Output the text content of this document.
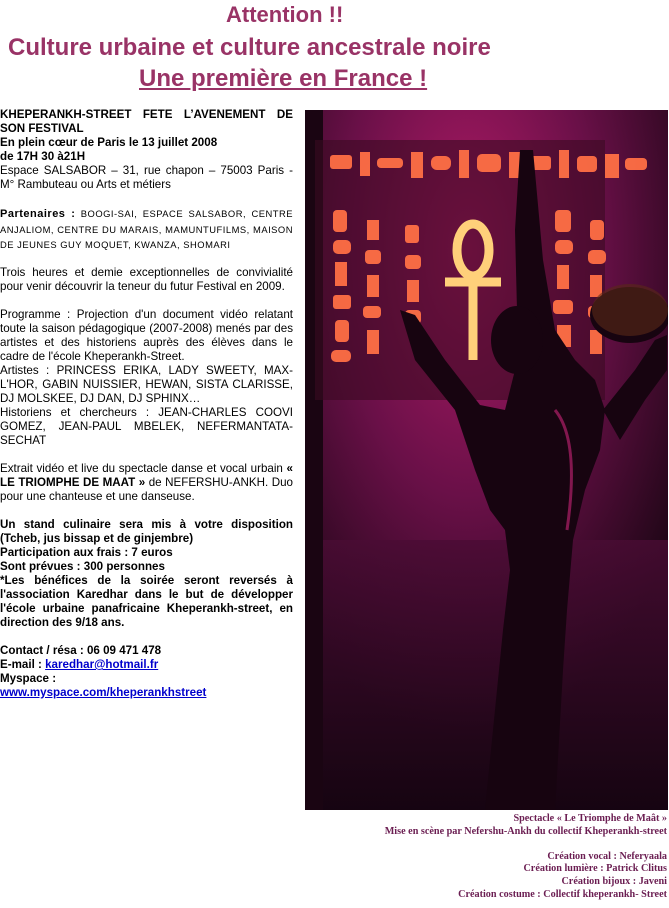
Attention !!
Culture urbaine et culture ancestrale noire
Une première en France !

KHEPERANKH-STREET FETE L’AVENEMENT DE SON FESTIVAL

En plein cœur de Paris le 13 juillet 2008

de 17H 30 à21H

Espace SALSABOR – 31, rue chapon – 75003 Paris - M° Rambuteau ou Arts et métiers

Partenaires : BOOGI-SAI, ESPACE SALSABOR, CENTRE ANJALIOM, CENTRE DU MARAIS, MAMUNTUFILMS, MAISON DE JEUNES GUY MOQUET, KWANZA, SHOMARI

Trois heures et demie exceptionnelles de convivialité pour venir découvrir la teneur du futur Festival en 2009.

Programme : Projection d'un document vidéo relatant toute la saison pédagogique (2007-2008) menés par des artistes et des historiens auprès des élèves dans le cadre de l'école Kheperankh-Street.

Artistes : PRINCESS ERIKA, LADY SWEETY, MAX-L'HOR, GABIN NUISSIER, HEWAN, SISTA CLARISSE, DJ MOLSKEE, DJ DAN, DJ SPHINX…

Historiens et chercheurs : JEAN-CHARLES COOVI GOMEZ, JEAN-PAUL MBELEK, NEFERMANTATA-SECHAT

Extrait vidéo et live du spectacle danse et vocal urbain « LE TRIOMPHE DE MAAT » de NEFERSHU-ANKH. Duo pour une chanteuse et une danseuse.

Un stand culinaire sera mis à votre disposition (Tcheb, jus bissap et de ginjembre)

Participation aux frais : 7 euros

Sont prévues : 300 personnes

*Les bénéfices de la soirée seront reversés à l'association Karedhar dans le but de développer l'école urbaine panafricaine Kheperankh-street, en direction des 9/18 ans.

Contact / résa : 06 09 471 478

E-mail : karedhar@hotmail.fr

Myspace :

www.myspace.com/kheperankhstreet

Spectacle « Le Triomphe de Maât »
Mise en scène par Nefershu-Ankh du collectif Kheperankh-street
Création vocal : Neferyaala
Création lumière : Patrick Clitus
Création bijoux : Javeni
Création costume : Collectif kheperankh- Street
